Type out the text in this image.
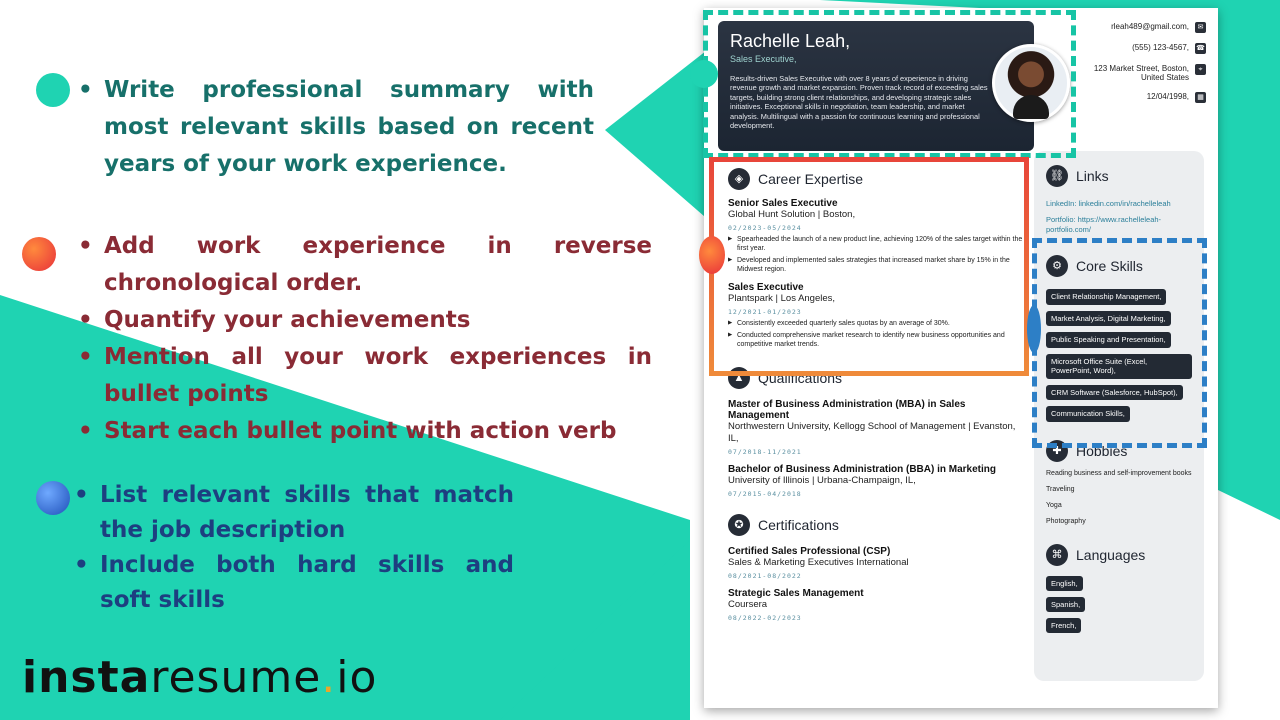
• Write professional summary with most relevant skills based on recent years of your work experience.
• Add work experience in reverse chronological order.
• Quantify your achievements
• Mention all your work experiences in bullet points
• Start each bullet point with action verb
• List relevant skills that match the job description
• Include both hard skills and soft skills
instaresume.io
Rachelle Leah,
Sales Executive,
Results-driven Sales Executive with over 8 years of experience in driving revenue growth and market expansion. Proven track record of exceeding sales targets, building strong client relationships, and developing strategic sales initiatives. Exceptional skills in negotiation, team leadership, and market analysis. Multilingual with a passion for continuous learning and professional development.
rleah489@gmail.com,	✉
(555) 123-4567, ☎
123 Market Street, Boston, United States
⌖
12/04/1998,	▦
◈	Career Expertise
Senior Sales Executive
Global Hunt Solution | Boston,
02/2023-05/2024
▶ Spearheaded the launch of a new product line, achieving 120% of the sales target within the first year.
▶ Developed and implemented sales strategies that increased market share by 15% in the Midwest region.
Sales Executive
Plantspark | Los Angeles,
12/2021-01/2023
▶ Consistently exceeded quarterly sales quotas by an average of 30%.
▶ Conducted comprehensive market research to identify new business opportunities and competitive market trends.
▲ Qualifications
Master of Business Administration (MBA) in Sales Management
Northwestern University, Kellogg School of Management | Evanston, IL,
07/2018-11/2021
Bachelor of Business Administration (BBA) in Marketing
University of Illinois | Urbana-Champaign, IL,
07/2015-04/2018
✪	Certifications
Certified Sales Professional (CSP)
Sales & Marketing Executives International
08/2021-08/2022
Strategic Sales Management
Coursera
08/2022-02/2023
⛓ Links
LinkedIn: linkedin.com/in/rachelleleah
Portfolio: https://www.rachelleleah-portfolio.com/
⚙	Core Skills
Client Relationship Management,
Market Analysis, Digital Marketing,
Public Speaking and Presentation,
Microsoft Office Suite (Excel, PowerPoint, Word),
CRM Software (Salesforce, HubSpot),
Communication Skills,
✚	Hobbies
Reading business and self-improvement books
Traveling
Yoga
Photography
⌘ Languages
English,
Spanish,
French,
